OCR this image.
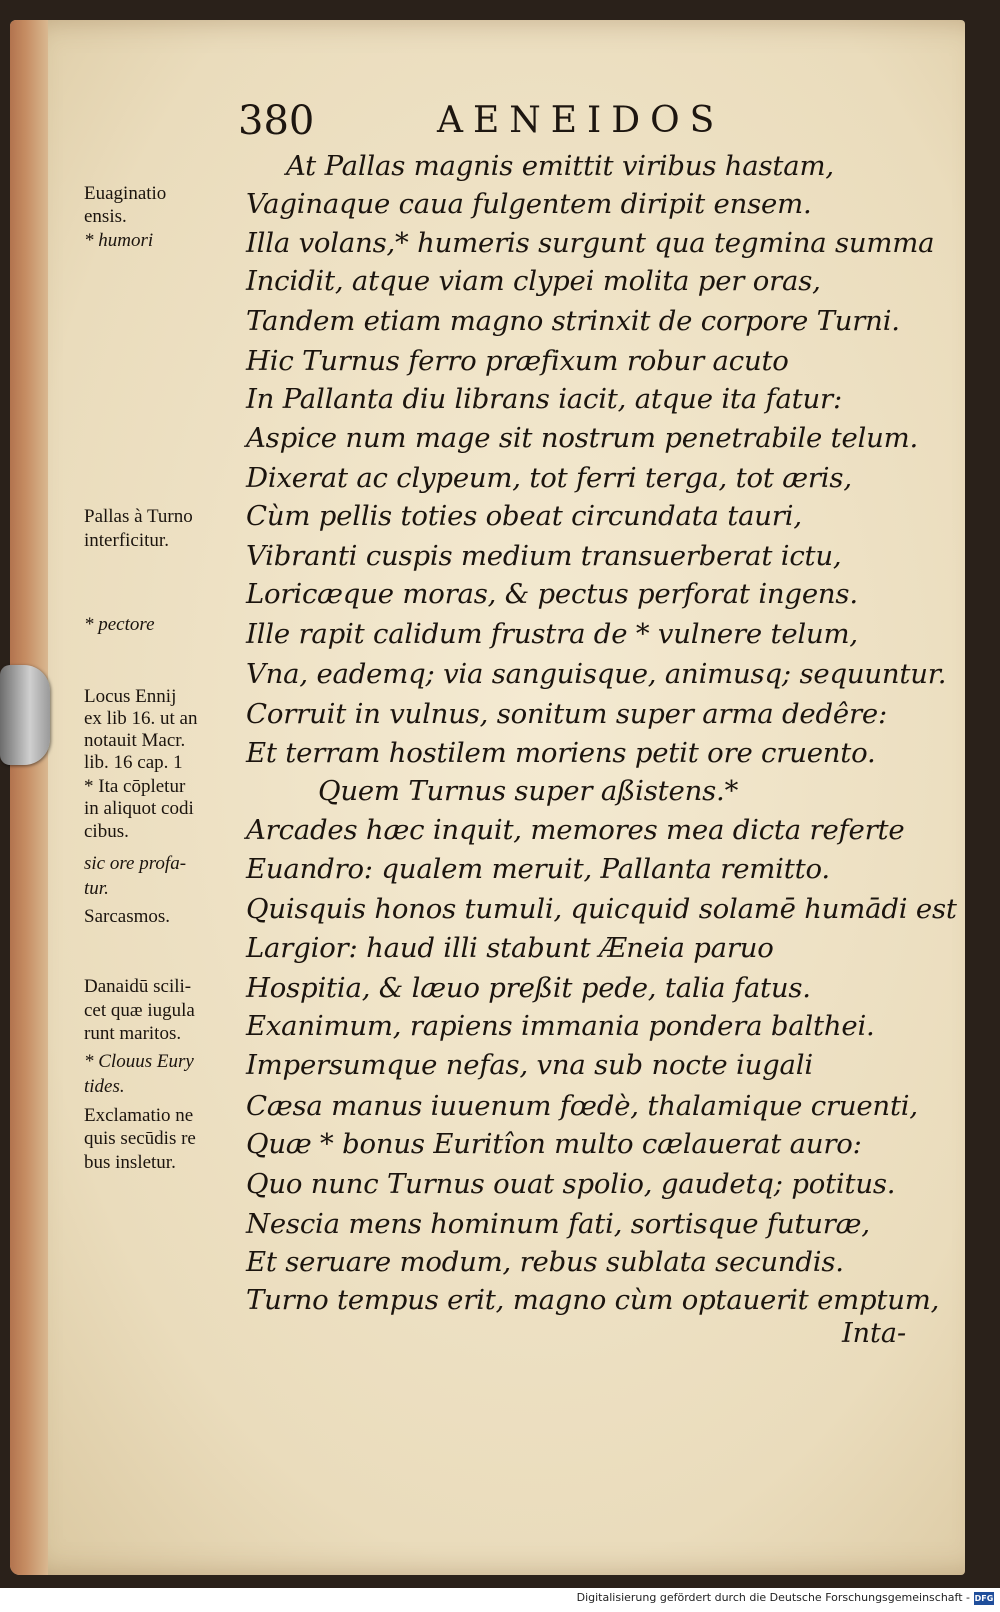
380	AENEIDOS
Euaginatio
ensis.
* humori
Pallas à Turno
interficitur.
* pectore
Locus Ennij
ex lib 16. ut an
notauit Macr.
lib. 16 cap. 1
* Ita cōpletur
in aliquot codi
cibus.
sic ore profa-
tur.
Sarcasmos.
Danaidū scili-
cet quæ iugula
runt maritos.
* Clouus Eury
tides.
Exclamatio ne
quis secūdis re
bus insletur.
At Pallas magnis emittit viribus hastam,
Vaginaque caua fulgentem diripit ensem.
Illa volans,* humeris surgunt qua tegmina summa
Incidit, atque viam clypei molita per oras,
Tandem etiam magno strinxit de corpore Turni.
Hic Turnus ferro præfixum robur acuto
In Pallanta diu librans iacit, atque ita fatur:
Aspice num mage sit nostrum penetrabile telum.
Dixerat ac clypeum, tot ferri terga, tot æris,
Cùm pellis toties obeat circundata tauri,
Vibranti cuspis medium transuerberat ictu,
Loricæque moras, & pectus perforat ingens.
Ille rapit calidum frustra de * vulnere telum,
Vna, eademq; via sanguisque, animusq; sequuntur.
Corruit in vulnus, sonitum super arma dedêre:
Et terram hostilem moriens petit ore cruento.
Quem Turnus super aßistens.*
Arcades hæc inquit, memores mea dicta referte
Euandro: qualem meruit, Pallanta remitto.
Quisquis honos tumuli, quicquid solamē humādi est
Largior: haud illi stabunt Æneia paruo
Hospitia, & læuo preßit pede, talia fatus.
Exanimum, rapiens immania pondera balthei.
Impersumque nefas, vna sub nocte iugali
Cæsa manus iuuenum fœdè, thalamique cruenti,
Quæ * bonus Euritîon multo cælauerat auro:
Quo nunc Turnus ouat spolio, gaudetq; potitus.
Nescia mens hominum fati, sortisque futuræ,
Et seruare modum, rebus sublata secundis.
Turno tempus erit, magno cùm optauerit emptum,
Inta-
Digitalisierung gefördert durch die Deutsche Forschungsgemeinschaft - DFG
